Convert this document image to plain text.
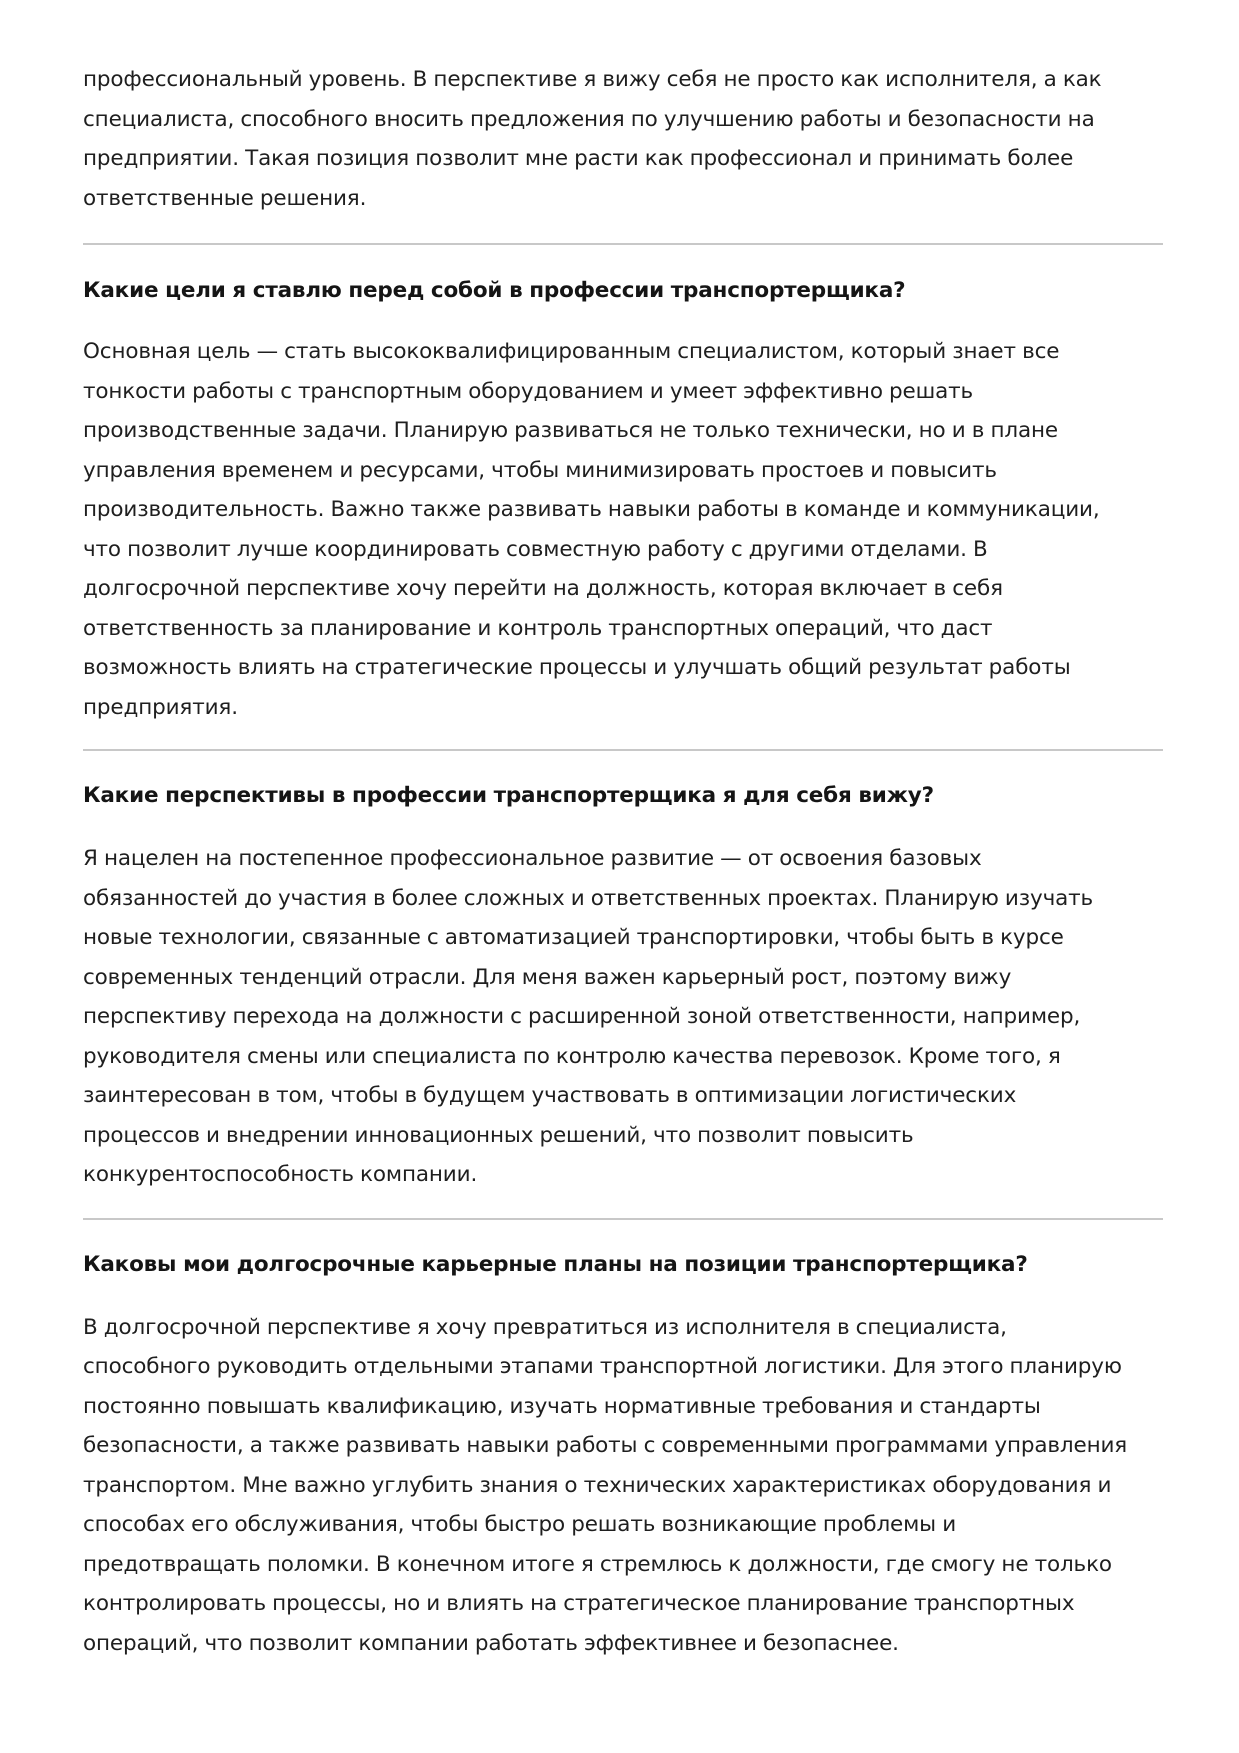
профессиональный уровень. В перспективе я вижу себя не просто как исполнителя, а как
специалиста, способного вносить предложения по улучшению работы и безопасности на
предприятии. Такая позиция позволит мне расти как профессионал и принимать более
ответственные решения.

Какие цели я ставлю перед собой в профессии транспортерщика?

Основная цель — стать высококвалифицированным специалистом, который знает все
тонкости работы с транспортным оборудованием и умеет эффективно решать
производственные задачи. Планирую развиваться не только технически, но и в плане
управления временем и ресурсами, чтобы минимизировать простоев и повысить
производительность. Важно также развивать навыки работы в команде и коммуникации,
что позволит лучше координировать совместную работу с другими отделами. В
долгосрочной перспективе хочу перейти на должность, которая включает в себя
ответственность за планирование и контроль транспортных операций, что даст
возможность влиять на стратегические процессы и улучшать общий результат работы
предприятия.

Какие перспективы в профессии транспортерщика я для себя вижу?

Я нацелен на постепенное профессиональное развитие — от освоения базовых
обязанностей до участия в более сложных и ответственных проектах. Планирую изучать
новые технологии, связанные с автоматизацией транспортировки, чтобы быть в курсе
современных тенденций отрасли. Для меня важен карьерный рост, поэтому вижу
перспективу перехода на должности с расширенной зоной ответственности, например,
руководителя смены или специалиста по контролю качества перевозок. Кроме того, я
заинтересован в том, чтобы в будущем участвовать в оптимизации логистических
процессов и внедрении инновационных решений, что позволит повысить
конкурентоспособность компании.

Каковы мои долгосрочные карьерные планы на позиции транспортерщика?

В долгосрочной перспективе я хочу превратиться из исполнителя в специалиста,
способного руководить отдельными этапами транспортной логистики. Для этого планирую
постоянно повышать квалификацию, изучать нормативные требования и стандарты
безопасности, а также развивать навыки работы с современными программами управления
транспортом. Мне важно углубить знания о технических характеристиках оборудования и
способах его обслуживания, чтобы быстро решать возникающие проблемы и
предотвращать поломки. В конечном итоге я стремлюсь к должности, где смогу не только
контролировать процессы, но и влиять на стратегическое планирование транспортных
операций, что позволит компании работать эффективнее и безопаснее.
